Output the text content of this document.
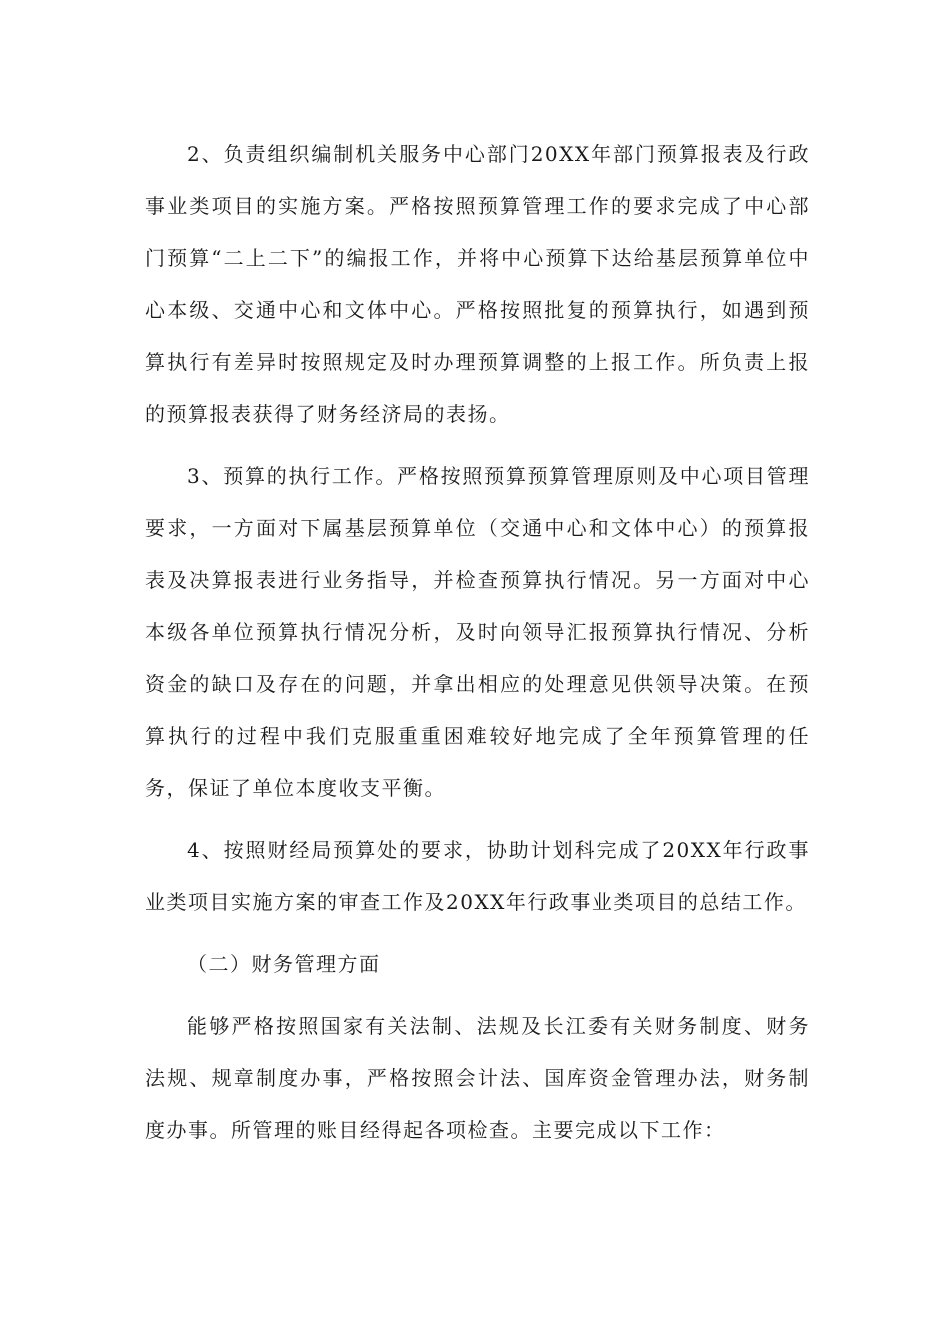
2、负责组织编制机关服务中心部门20XX年部门预算报表及行政事业类项目的实施方案。严格按照预算管理工作的要求完成了中心部门预算“二上二下”的编报工作，并将中心预算下达给基层预算单位中心本级、交通中心和文体中心。严格按照批复的预算执行，如遇到预算执行有差异时按照规定及时办理预算调整的上报工作。所负责上报的预算报表获得了财务经济局的表扬。

3、预算的执行工作。严格按照预算预算管理原则及中心项目管理要求，一方面对下属基层预算单位（交通中心和文体中心）的预算报表及决算报表进行业务指导，并检查预算执行情况。另一方面对中心本级各单位预算执行情况分析，及时向领导汇报预算执行情况、分析资金的缺口及存在的问题，并拿出相应的处理意见供领导决策。在预算执行的过程中我们克服重重困难较好地完成了全年预算管理的任务，保证了单位本度收支平衡。

4、按照财经局预算处的要求，协助计划科完成了20XX年行政事业类项目实施方案的审查工作及20XX年行政事业类项目的总结工作。

（二）财务管理方面

能够严格按照国家有关法制、法规及长江委有关财务制度、财务法规、规章制度办事，严格按照会计法、国库资金管理办法，财务制度办事。所管理的账目经得起各项检查。主要完成以下工作：
